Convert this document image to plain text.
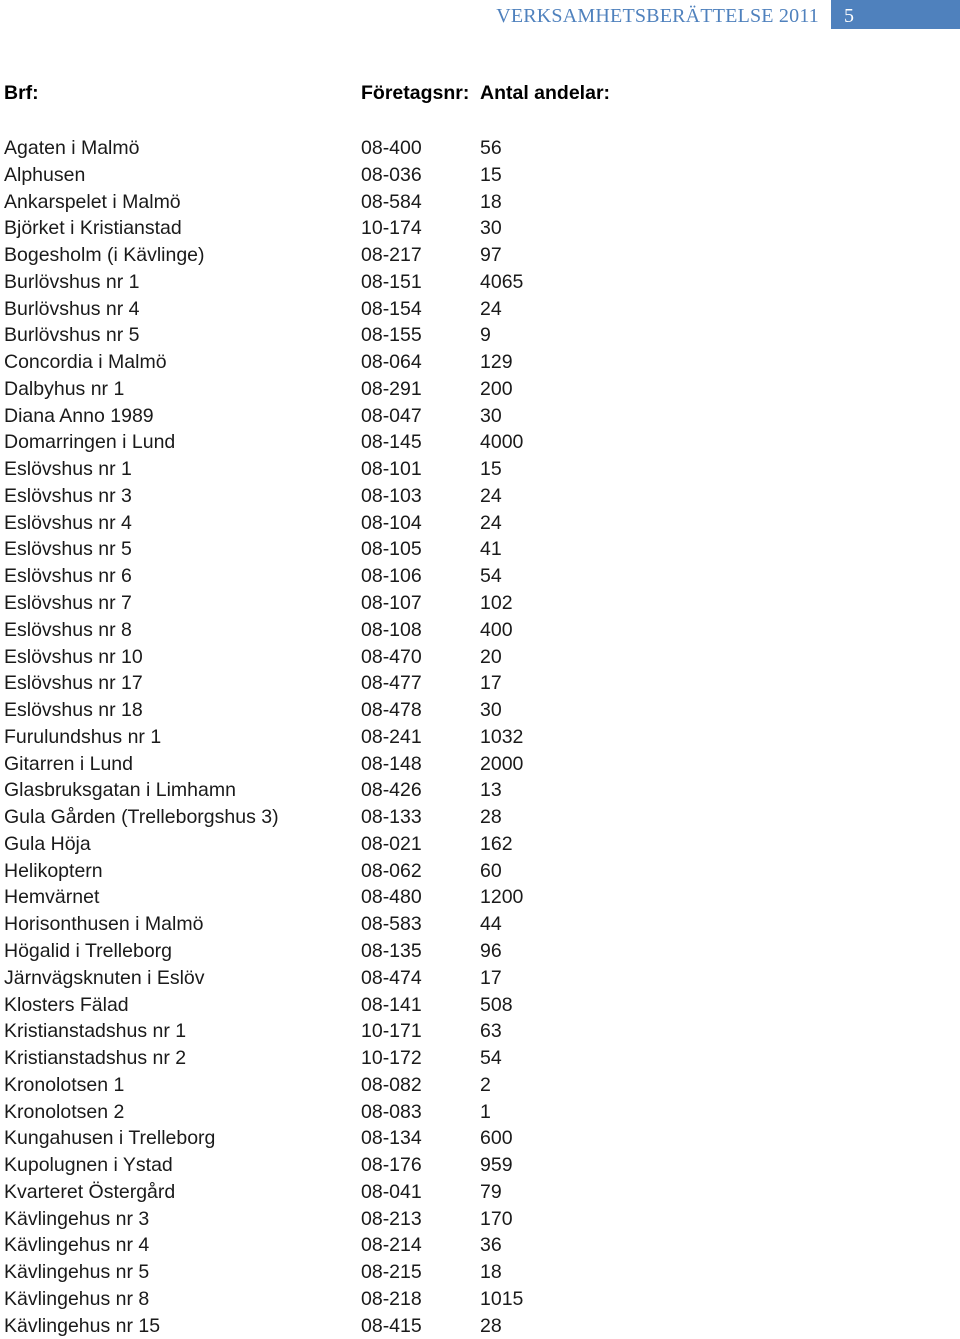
VERKSAMHETSBERÄTTELSE 2011	5
Brf:	Företagsnr: Antal andelar:
Agaten i Malmö	08-400	56
Alphusen	08-036	15
Ankarspelet i Malmö	08-584	18
Björket i Kristianstad	10-174	30
Bogesholm (i Kävlinge)	08-217	97
Burlövshus nr 1	08-151	4065
Burlövshus nr 4	08-154	24
Burlövshus nr 5	08-155	9
Concordia i Malmö	08-064	129
Dalbyhus nr 1	08-291	200
Diana Anno 1989	08-047	30
Domarringen i Lund	08-145	4000
Eslövshus nr 1	08-101	15
Eslövshus nr 3	08-103	24
Eslövshus nr 4	08-104	24
Eslövshus nr 5	08-105	41
Eslövshus nr 6	08-106	54
Eslövshus nr 7	08-107	102
Eslövshus nr 8	08-108	400
Eslövshus nr 10	08-470	20
Eslövshus nr 17	08-477	17
Eslövshus nr 18	08-478	30
Furulundshus nr 1	08-241	1032
Gitarren i Lund	08-148	2000
Glasbruksgatan i Limhamn	08-426	13
Gula Gården (Trelleborgshus 3)	08-133	28
Gula Höja	08-021	162
Helikoptern	08-062	60
Hemvärnet	08-480	1200
Horisonthusen i Malmö	08-583	44
Högalid i Trelleborg	08-135	96
Järnvägsknuten i Eslöv	08-474	17
Klosters Fälad	08-141	508
Kristianstadshus nr 1	10-171	63
Kristianstadshus nr 2	10-172	54
Kronolotsen 1	08-082	2
Kronolotsen 2	08-083	1
Kungahusen i Trelleborg	08-134	600
Kupolugnen i Ystad	08-176	959
Kvarteret Östergård	08-041	79
Kävlingehus nr 3	08-213	170
Kävlingehus nr 4	08-214	36
Kävlingehus nr 5	08-215	18
Kävlingehus nr 8	08-218	1015
Kävlingehus nr 15	08-415	28
